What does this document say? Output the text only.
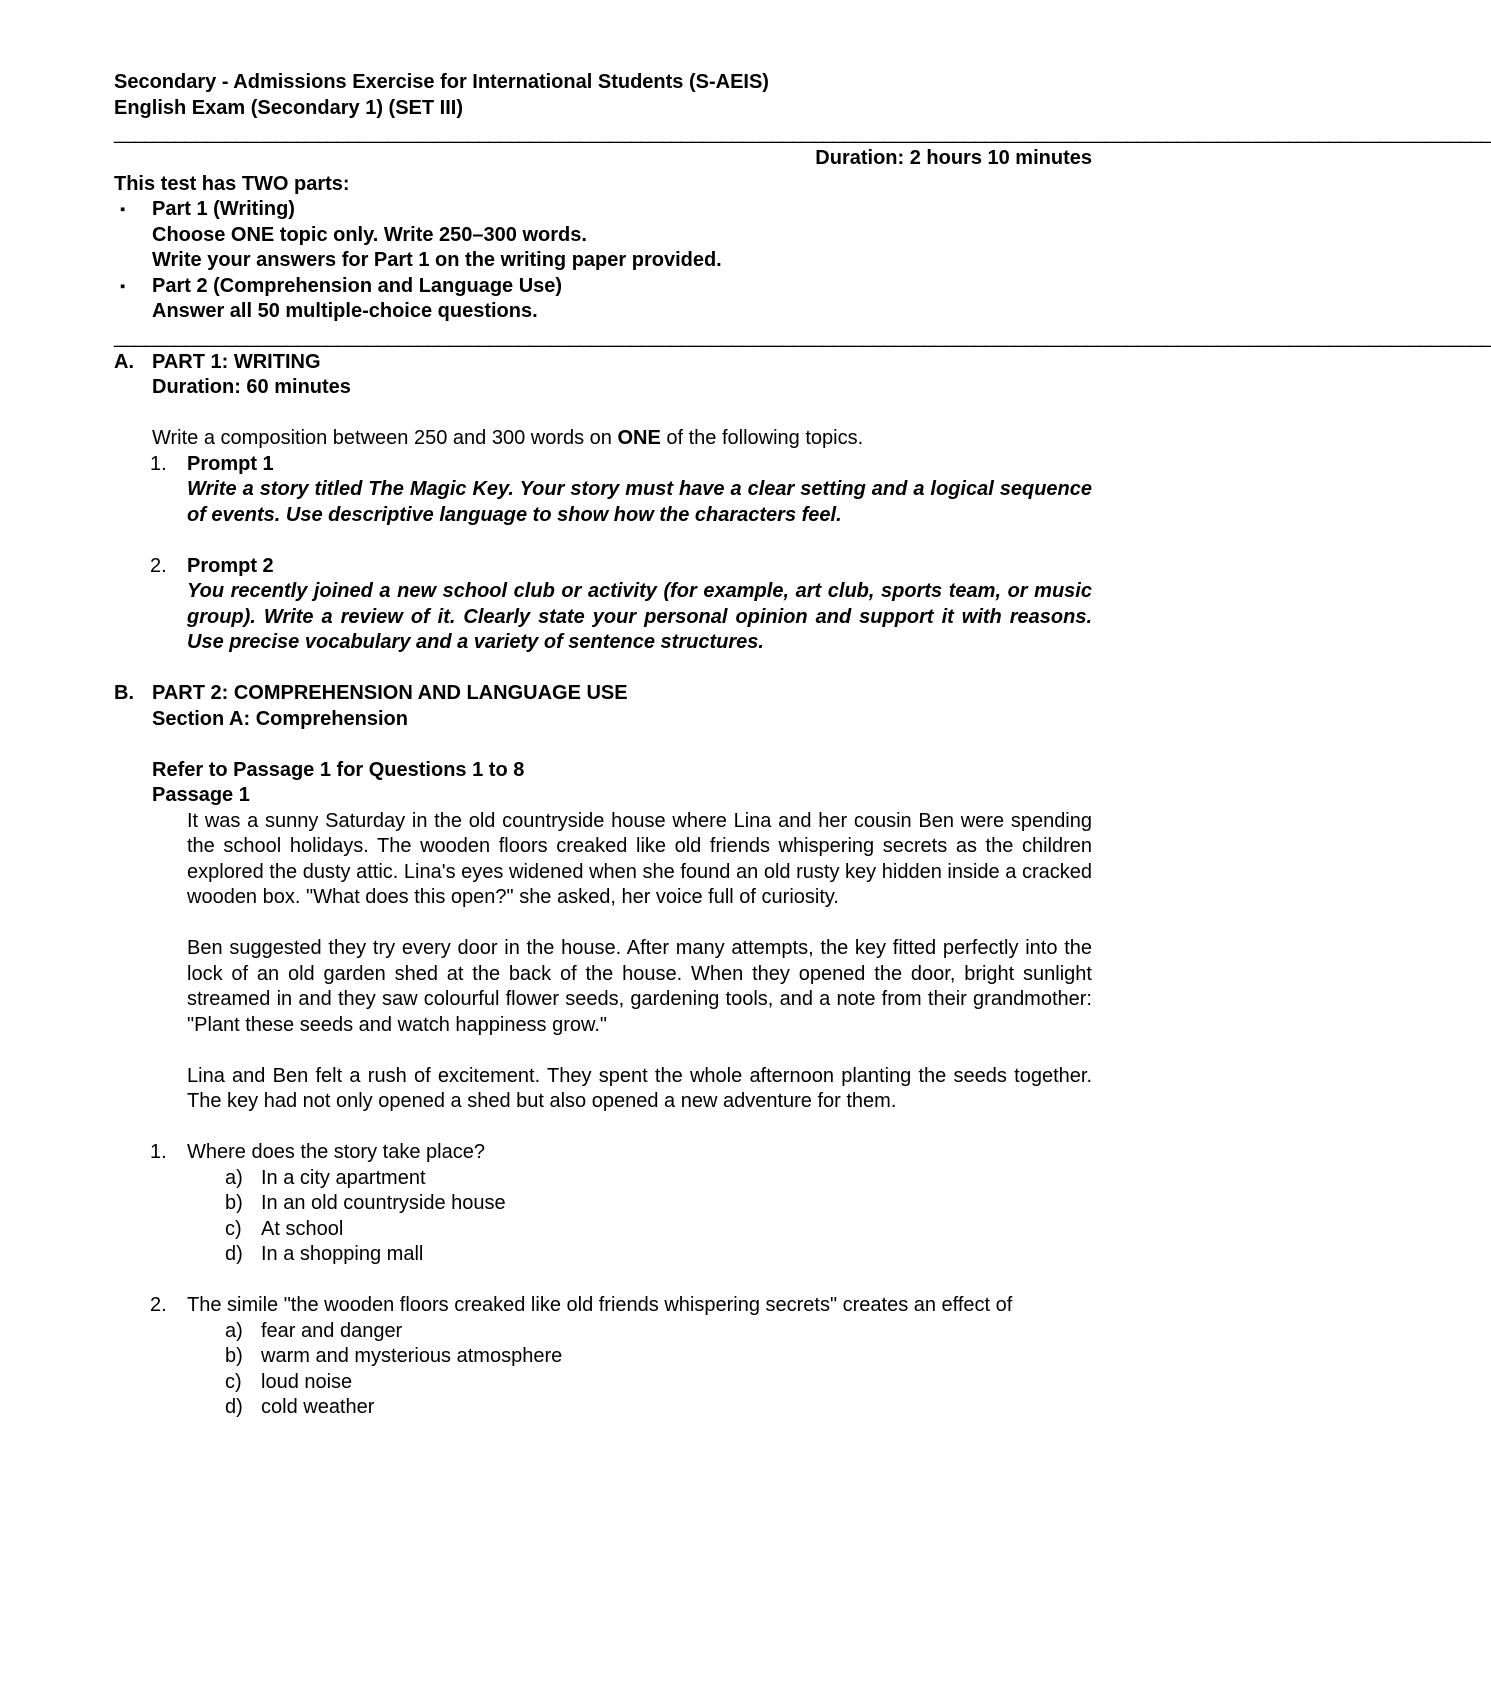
Secondary - Admissions Exercise for International Students (S-AEIS)
English Exam (Secondary 1) (SET III)
________________________________________________________________________________________________________________________________________
Duration: 2 hours 10 minutes
This test has TWO parts:
▪ Part 1 (Writing)
Choose ONE topic only. Write 250–300 words.
Write your answers for Part 1 on the writing paper provided.
▪ Part 2 (Comprehension and Language Use)
Answer all 50 multiple-choice questions.
________________________________________________________________________________________________________________________________________
A. PART 1: WRITING
Duration: 60 minutes
Write a composition between 250 and 300 words on ONE of the following topics.
1. Prompt 1
Write a story titled The Magic Key. Your story must have a clear setting and a logical sequence of events. Use descriptive language to show how the characters feel.
2. Prompt 2
You recently joined a new school club or activity (for example, art club, sports team, or music group). Write a review of it. Clearly state your personal opinion and support it with reasons. Use precise vocabulary and a variety of sentence structures.
B. PART 2: COMPREHENSION AND LANGUAGE USE
Section A: Comprehension
Refer to Passage 1 for Questions 1 to 8
Passage 1
It was a sunny Saturday in the old countryside house where Lina and her cousin Ben were spending the school holidays. The wooden floors creaked like old friends whispering secrets as the children explored the dusty attic. Lina's eyes widened when she found an old rusty key hidden inside a cracked wooden box. "What does this open?" she asked, her voice full of curiosity.
Ben suggested they try every door in the house. After many attempts, the key fitted perfectly into the lock of an old garden shed at the back of the house. When they opened the door, bright sunlight streamed in and they saw colourful flower seeds, gardening tools, and a note from their grandmother: "Plant these seeds and watch happiness grow."
Lina and Ben felt a rush of excitement. They spent the whole afternoon planting the seeds together. The key had not only opened a shed but also opened a new adventure for them.
1. Where does the story take place?
a) In a city apartment
b) In an old countryside house
c) At school
d) In a shopping mall
2. The simile "the wooden floors creaked like old friends whispering secrets" creates an effect of
a) fear and danger
b) warm and mysterious atmosphere
c) loud noise
d) cold weather
